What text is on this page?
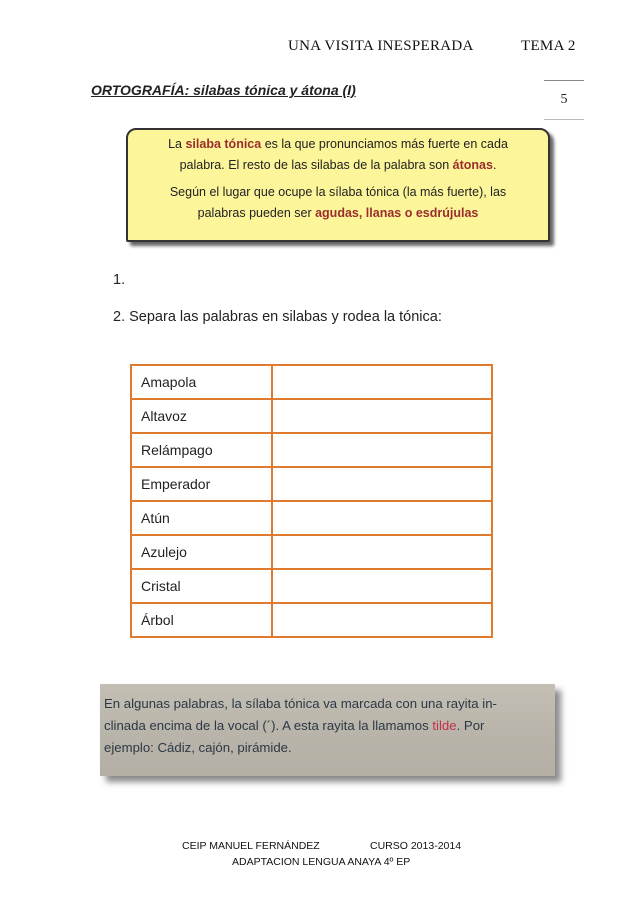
UNA VISITA INESPERADA	TEMA 2
ORTOGRAFÍA: silabas tónica y átona (I)
5

La silaba tónica es la que pronunciamos más fuerte en cada palabra. El resto de las silabas de la palabra son átonas.

Según el lugar que ocupe la sílaba tónica (la más fuerte), las palabras pueden ser agudas, llanas o esdrújulas

1.
2. Separa las palabras en silabas y rodea la tónica:
Amapola	
Altavoz	
Relámpago	
Emperador	
Atún	
Azulejo	
Cristal	
Árbol	
En algunas palabras, la sílaba tónica va marcada con una rayita in-
clinada encima de la vocal (´). A esta rayita la llamamos tilde. Por
ejemplo: Cádiz, cajón, pirámide.
CEIP MANUEL FERNÁNDEZ	CURSO 2013-2014
ADAPTACION LENGUA ANAYA 4º EP
